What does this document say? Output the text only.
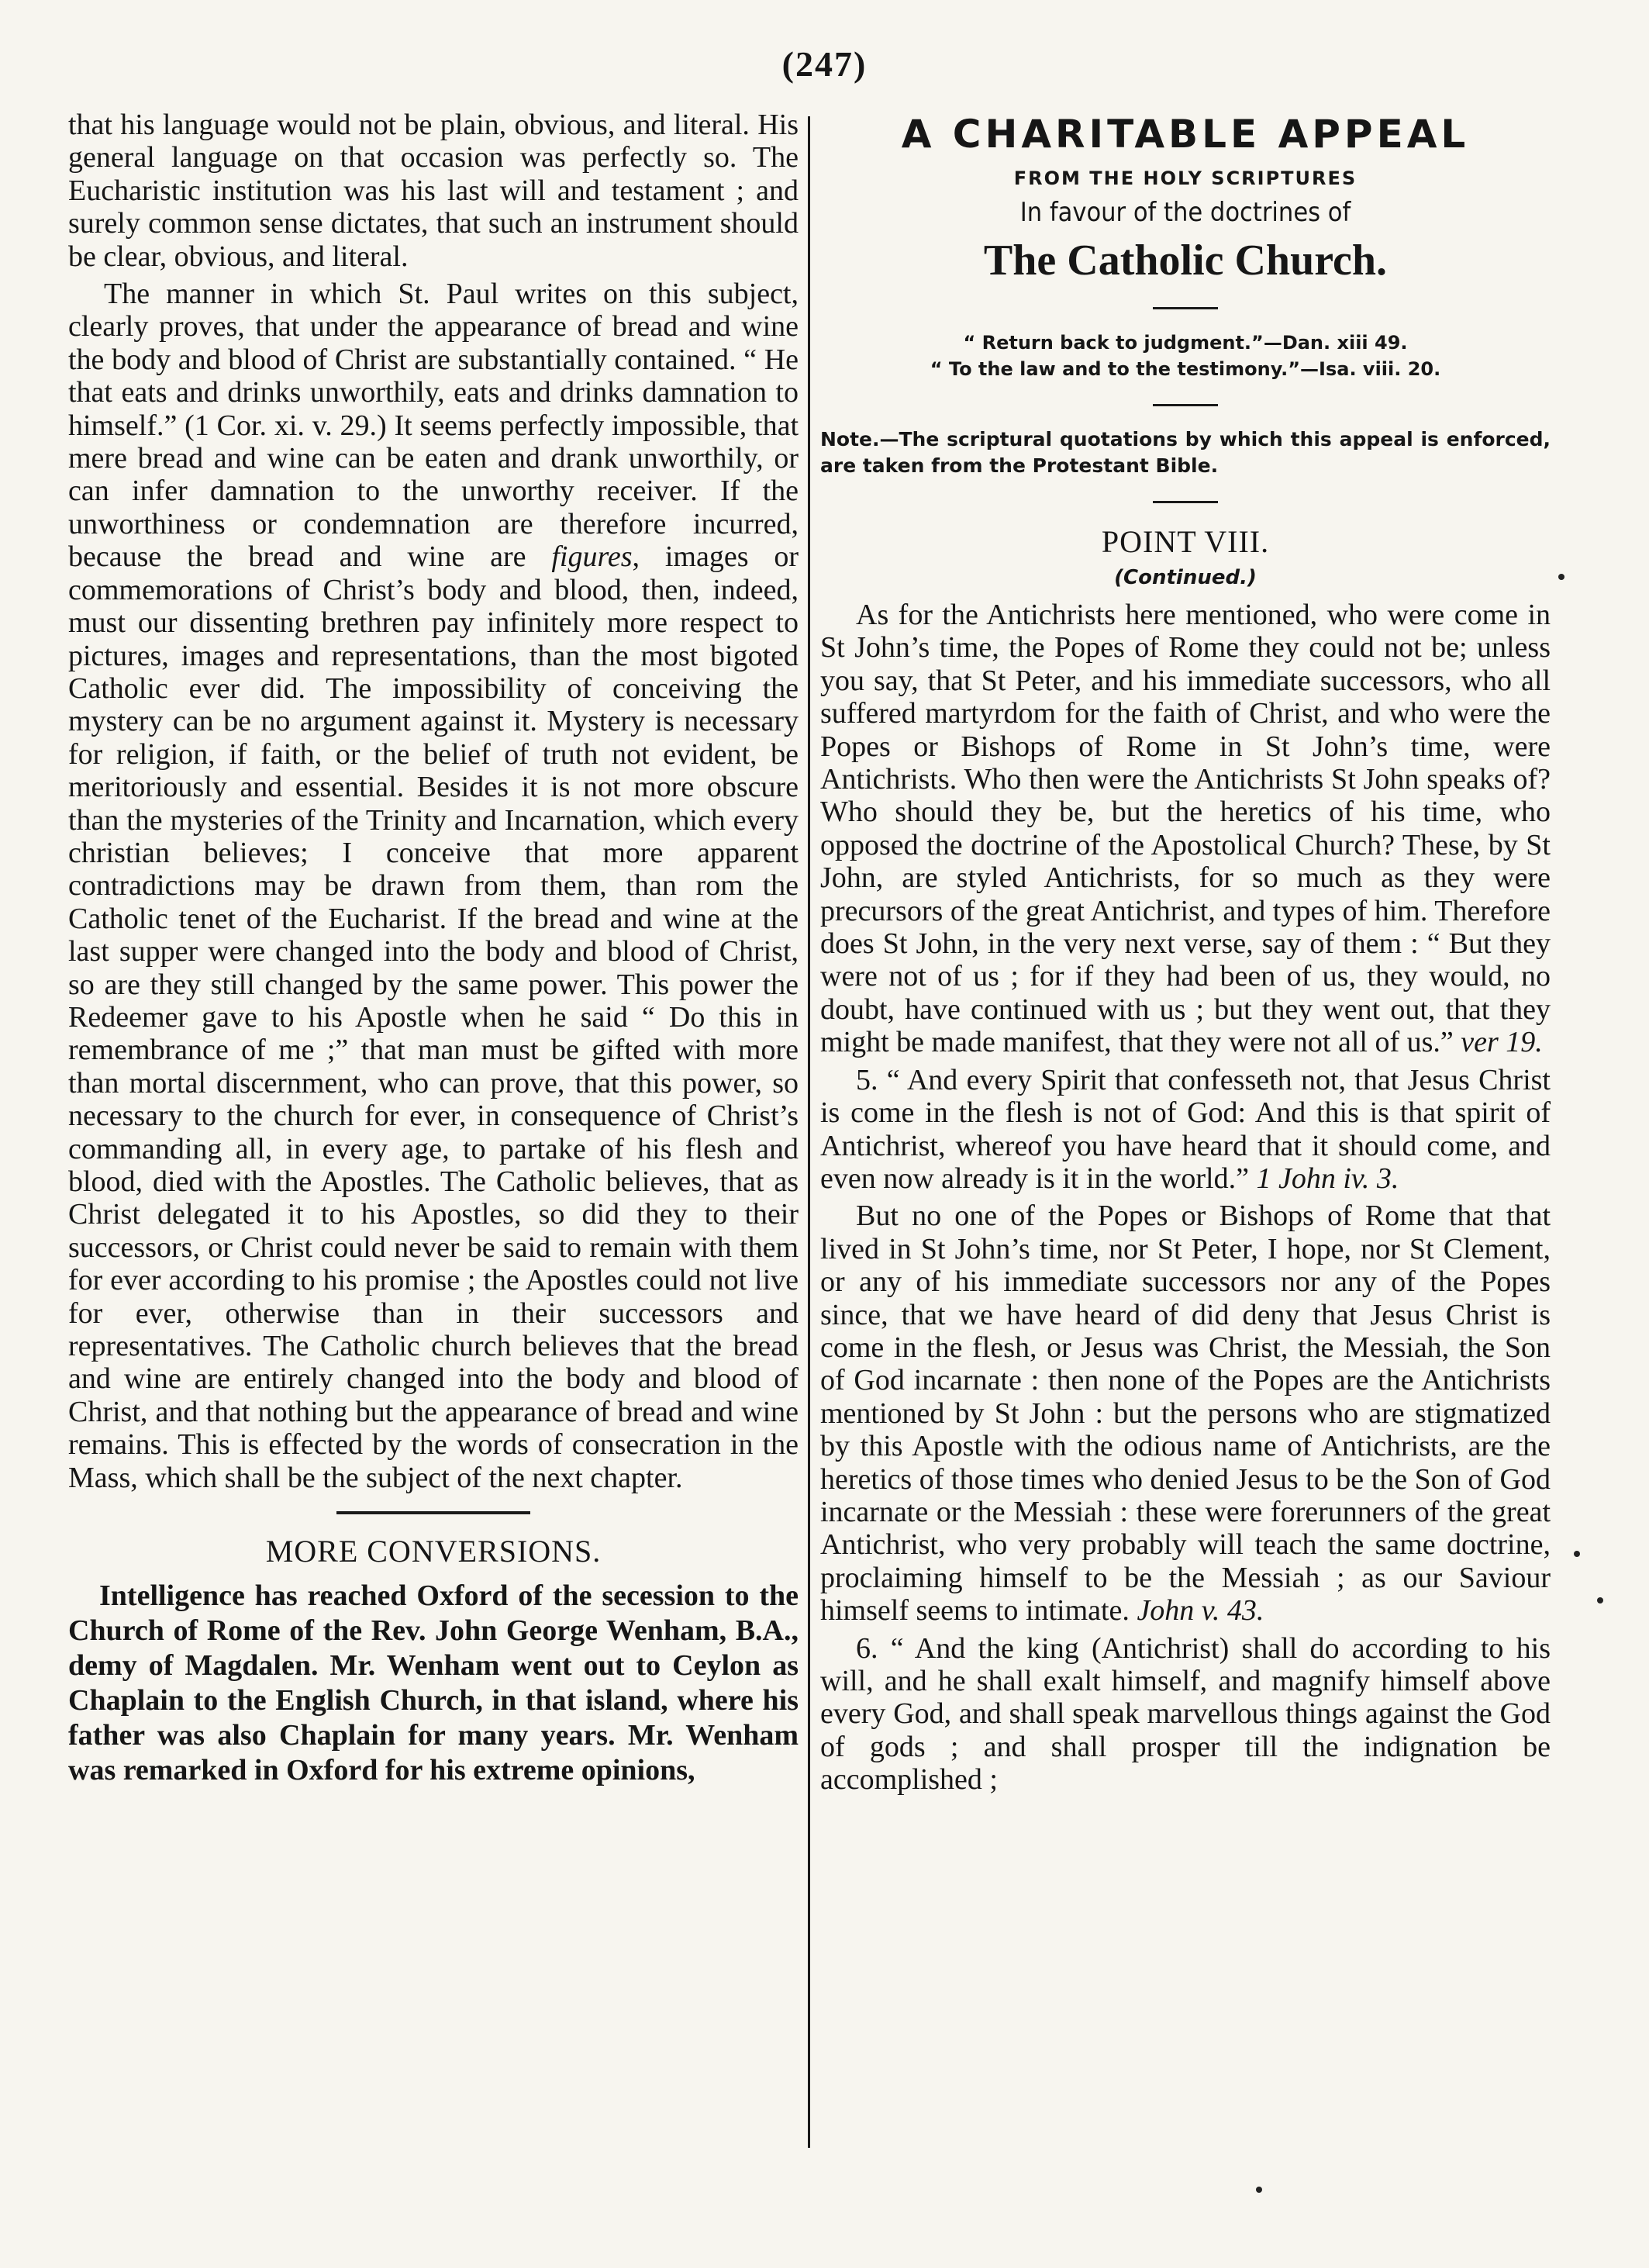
(247)

that his language would not be plain, obvious, and literal. His general language on that occasion was perfectly so. The Eucharistic institution was his last will and testament ; and surely common sense dictates, that such an instrument should be clear, obvious, and literal.

The manner in which St. Paul writes on this subject, clearly proves, that under the appearance of bread and wine the body and blood of Christ are substantially contained. “ He that eats and drinks unworthily, eats and drinks damnation to himself.” (1 Cor. xi. v. 29.) It seems perfectly impossible, that mere bread and wine can be eaten and drank unworthily, or can infer damnation to the unworthy receiver. If the unworthiness or condemnation are therefore incurred, because the bread and wine are figures, images or commemorations of Christ’s body and blood, then, indeed, must our dissenting brethren pay infinitely more respect to pictures, images and representations, than the most bigoted Catholic ever did. The impossibility of conceiving the mystery can be no argument against it. Mystery is necessary for religion, if faith, or the belief of truth not evident, be meritoriously and essential. Besides it is not more obscure than the mysteries of the Trinity and Incarnation, which every christian believes; I conceive that more apparent contradictions may be drawn from them, than rom the Catholic tenet of the Eucharist. If the bread and wine at the last supper were changed into the body and blood of Christ, so are they still changed by the same power. This power the Redeemer gave to his Apostle when he said “ Do this in remembrance of me ;” that man must be gifted with more than mortal discernment, who can prove, that this power, so necessary to the church for ever, in consequence of Christ’s commanding all, in every age, to partake of his flesh and blood, died with the Apostles. The Catholic believes, that as Christ delegated it to his Apostles, so did they to their successors, or Christ could never be said to remain with them for ever according to his promise ; the Apostles could not live for ever, otherwise than in their successors and representatives. The Catholic church believes that the bread and wine are entirely changed into the body and blood of Christ, and that nothing but the appearance of bread and wine remains. This is effected by the words of consecration in the Mass, which shall be the subject of the next chapter.

MORE CONVERSIONS.

Intelligence has reached Oxford of the secession to the Church of Rome of the Rev. John George Wenham, B.A., demy of Magdalen. Mr. Wenham went out to Ceylon as Chaplain to the English Church, in that island, where his father was also Chaplain for many years. Mr. Wenham was remarked in Oxford for his extreme opinions,

A CHARITABLE APPEAL
FROM THE HOLY SCRIPTURES
In favour of the doctrines of
The Catholic Church.

“ Return back to judgment.”—Dan. xiii 49.

“ To the law and to the testimony.”—Isa. viii. 20.

Note.—The scriptural quotations by which this appeal is enforced, are taken from the Protestant Bible.

POINT VIII.
(Continued.)

As for the Antichrists here mentioned, who were come in St John’s time, the Popes of Rome they could not be; unless you say, that St Peter, and his immediate successors, who all suffered martyrdom for the faith of Christ, and who were the Popes or Bishops of Rome in St John’s time, were Antichrists. Who then were the Antichrists St John speaks of? Who should they be, but the heretics of his time, who opposed the doctrine of the Apostolical Church? These, by St John, are styled Antichrists, for so much as they were precursors of the great Antichrist, and types of him. Therefore does St John, in the very next verse, say of them : “ But they were not of us ; for if they had been of us, they would, no doubt, have continued with us ; but they went out, that they might be made manifest, that they were not all of us.” ver 19.

5. “ And every Spirit that confesseth not, that Jesus Christ is come in the flesh is not of God: And this is that spirit of Antichrist, whereof you have heard that it should come, and even now already is it in the world.” 1 John iv. 3.

But no one of the Popes or Bishops of Rome that that lived in St John’s time, nor St Peter, I hope, nor St Clement, or any of his immediate successors nor any of the Popes since, that we have heard of did deny that Jesus Christ is come in the flesh, or Jesus was Christ, the Messiah, the Son of God incarnate : then none of the Popes are the Antichrists mentioned by St John : but the persons who are stigmatized by this Apostle with the odious name of Antichrists, are the heretics of those times who denied Jesus to be the Son of God incarnate or the Messiah : these were forerunners of the great Antichrist, who very probably will teach the same doctrine, proclaiming himself to be the Messiah ; as our Saviour himself seems to intimate. John v. 43.

6. “ And the king (Antichrist) shall do according to his will, and he shall exalt himself, and magnify himself above every God, and shall speak marvellous things against the God of gods ; and shall prosper till the indignation be accomplished ;
